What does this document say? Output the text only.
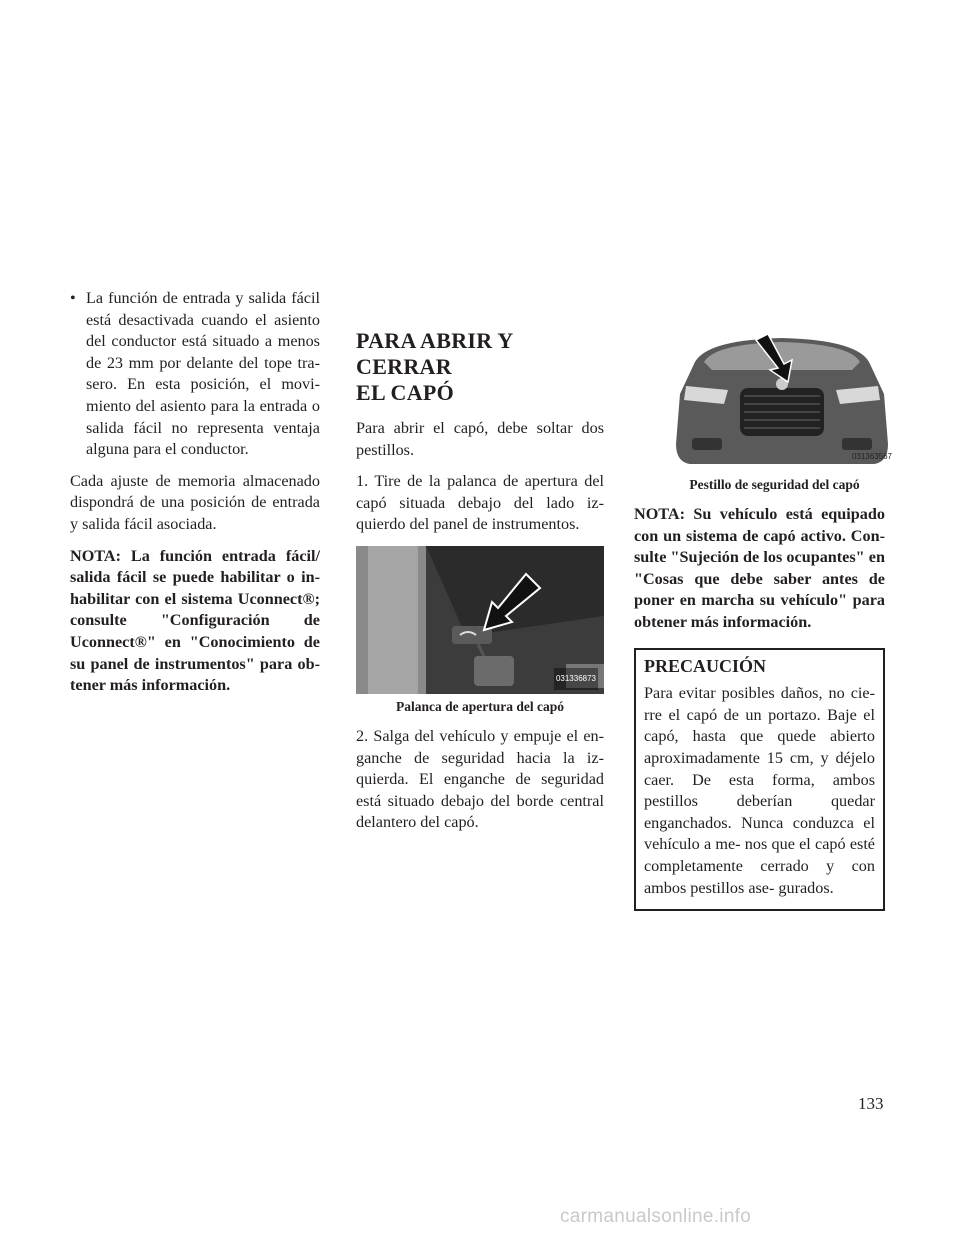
• La función de entrada y salida fácil está desactivada cuando el asiento del conductor está situado a menos de 23 mm por delante del tope tra- sero. En esta posición, el movi- miento del asiento para la entrada o salida fácil no representa ventaja alguna para el conductor.

Cada ajuste de memoria almacenado dispondrá de una posición de entrada y salida fácil asociada.

NOTA: La función entrada fácil/ salida fácil se puede habilitar o in- habilitar con el sistema Uconnect®; consulte "Configuración de Uconnect®" en "Conocimiento de su panel de instrumentos" para ob- tener más información.

PARA ABRIR Y CERRAR
EL CAPÓ

Para abrir el capó, debe soltar dos pestillos.

1. Tire de la palanca de apertura del capó situada debajo del lado iz- quierdo del panel de instrumentos.

031336873
Palanca de apertura del capó

2. Salga del vehículo y empuje el en- ganche de seguridad hacia la iz- quierda. El enganche de seguridad está situado debajo del borde central delantero del capó.

031363567
Pestillo de seguridad del capó

NOTA: Su vehículo está equipado con un sistema de capó activo. Con- sulte "Sujeción de los ocupantes" en "Cosas que debe saber antes de poner en marcha su vehículo" para obtener más información.

PRECAUCIÓN

Para evitar posibles daños, no cie- rre el capó de un portazo. Baje el capó, hasta que quede abierto aproximadamente 15 cm, y déjelo caer. De esta forma, ambos pestillos deberían quedar enganchados. Nunca conduzca el vehículo a me- nos que el capó esté completamente cerrado y con ambos pestillos ase- gurados.

133
carmanualsonline.info
